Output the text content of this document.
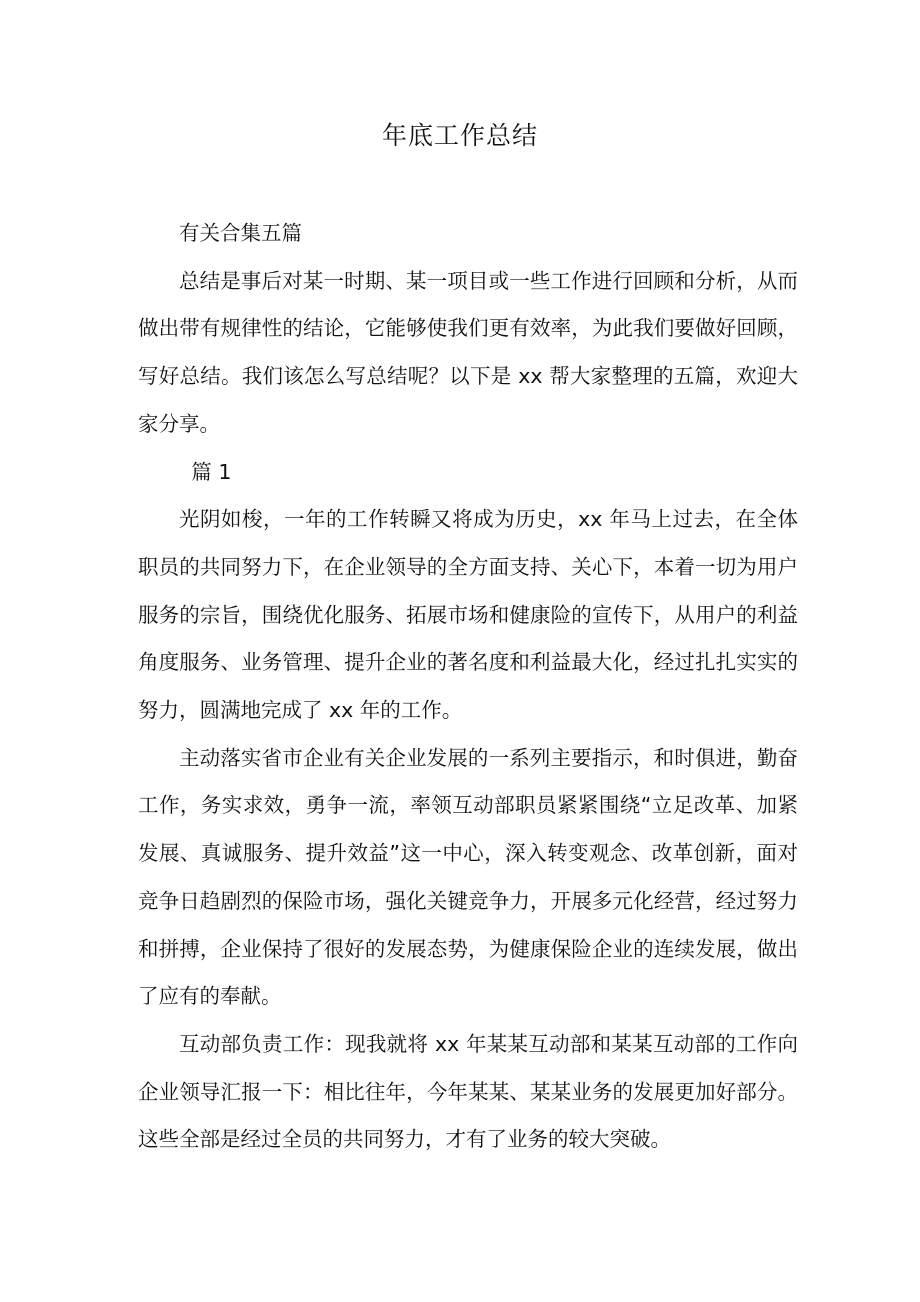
年底工作总结

有关合集五篇

总结是事后对某一时期、某一项目或一些工作进行回顾和分析，从而做出带有规律性的结论，它能够使我们更有效率，为此我们要做好回顾，写好总结。我们该怎么写总结呢？以下是 xx 帮大家整理的五篇，欢迎大家分享。

篇 1

光阴如梭，一年的工作转瞬又将成为历史，xx 年马上过去，在全体职员的共同努力下，在企业领导的全方面支持、关心下，本着一切为用户服务的宗旨，围绕优化服务、拓展市场和健康险的宣传下，从用户的利益角度服务、业务管理、提升企业的著名度和利益最大化，经过扎扎实实的努力，圆满地完成了 xx 年的工作。

主动落实省市企业有关企业发展的一系列主要指示，和时俱进，勤奋工作，务实求效，勇争一流，率领互动部职员紧紧围绕“立足改革、加紧发展、真诚服务、提升效益”这一中心，深入转变观念、改革创新，面对竞争日趋剧烈的保险市场，强化关键竞争力，开展多元化经营，经过努力和拼搏，企业保持了很好的发展态势，为健康保险企业的连续发展，做出了应有的奉献。

互动部负责工作：现我就将 xx 年某某互动部和某某互动部的工作向企业领导汇报一下：相比往年，今年某某、某某业务的发展更加好部分。这些全部是经过全员的共同努力，才有了业务的较大突破。
